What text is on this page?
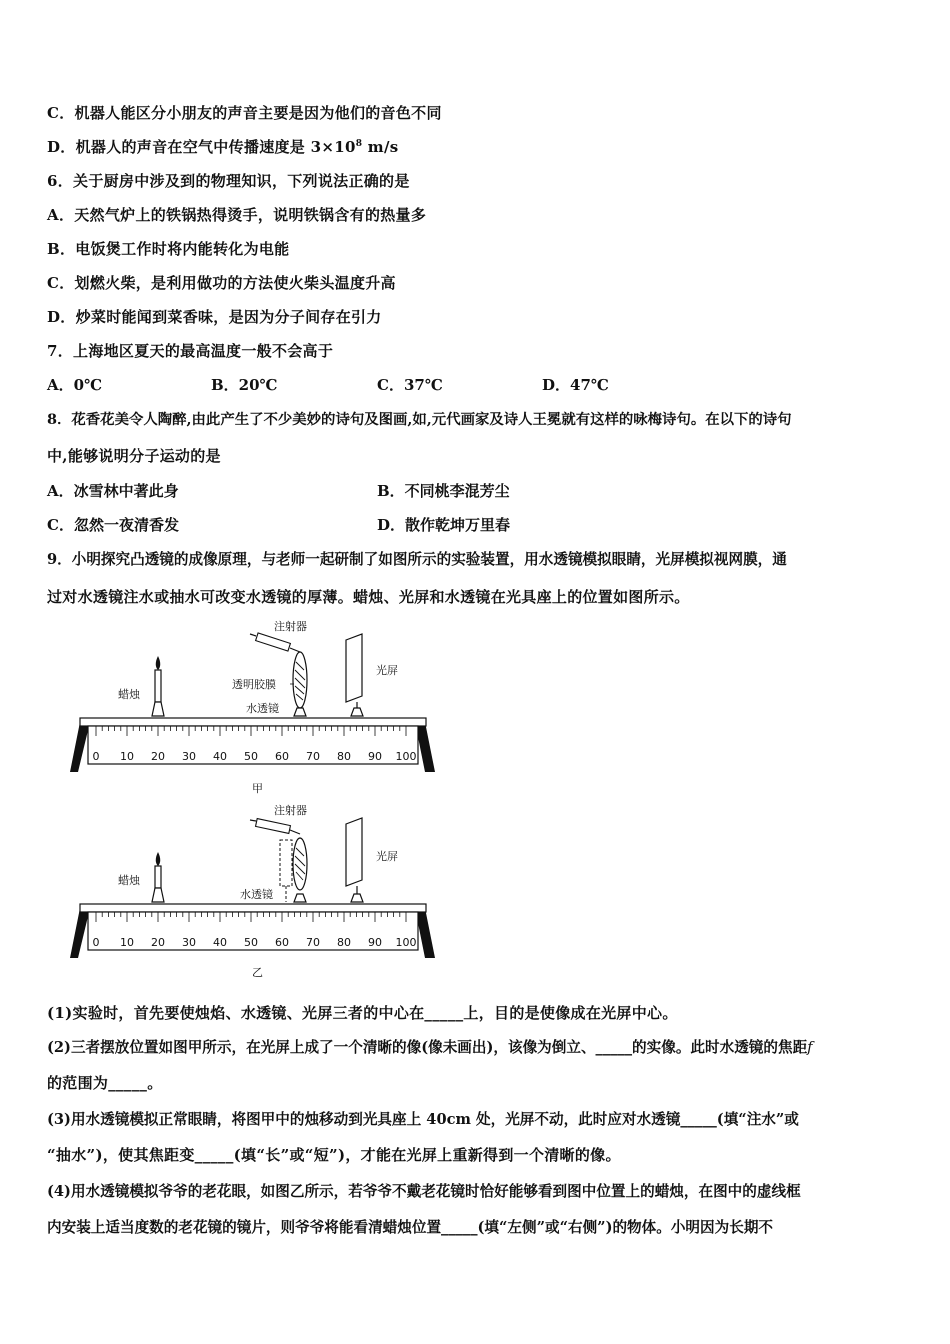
C．机器人能区分小朋友的声音主要是因为他们的音色不同
D．机器人的声音在空气中传播速度是 $3\times 10^8$ m/s
6．关于厨房中涉及到的物理知识，下列说法正确的是
A．天然气炉上的铁锅热得烫手，说明铁锅含有的热量多
B．电饭煲工作时将内能转化为电能
C．划燃火柴，是利用做功的方法使火柴头温度升高
D．炒菜时能闻到菜香味，是因为分子间存在引力
7．上海地区夏天的最高温度一般不会高于
A．0℃	B．20℃	C．37℃	D．47℃
8．花香花美令人陶醉,由此产生了不少美妙的诗句及图画,如,元代画家及诗人王冕就有这样的咏梅诗句。在以下的诗句
中,能够说明分子运动的是
A．冰雪林中著此身	B．不同桃李混芳尘
C．忽然一夜清香发	D．散作乾坤万里春
9．小明探究凸透镜的成像原理，与老师一起研制了如图所示的实验装置，用水透镜模拟眼睛，光屏模拟视网膜，通
过对水透镜注水或抽水可改变水透镜的厚薄。蜡烛、光屏和水透镜在光具座上的位置如图所示。
0 10 20 30 40 50 60 70 80 90 100
蜡烛
水透镜
透明胶膜
注射器
光屏
甲
0 10 20 30 40 50 60 70 80 90 100
蜡烛
水透镜
注射器
光屏
乙
(1)实验时，首先要使烛焰、水透镜、光屏三者的中心在_____上，目的是使像成在光屏中心。
(2)三者摆放位置如图甲所示，在光屏上成了一个清晰的像(像未画出)，该像为倒立、_____的实像。此时水透镜的焦距f
的范围为_____。
(3)用水透镜模拟正常眼睛，将图甲中的烛移动到光具座上 40cm 处，光屏不动，此时应对水透镜_____(填“注水”或
“抽水”)，使其焦距变_____(填“长”或“短”)，才能在光屏上重新得到一个清晰的像。
(4)用水透镜模拟爷爷的老花眼，如图乙所示，若爷爷不戴老花镜时恰好能够看到图中位置上的蜡烛，在图中的虚线框
内安装上适当度数的老花镜的镜片，则爷爷将能看清蜡烛位置_____(填“左侧”或“右侧”)的物体。小明因为长期不
